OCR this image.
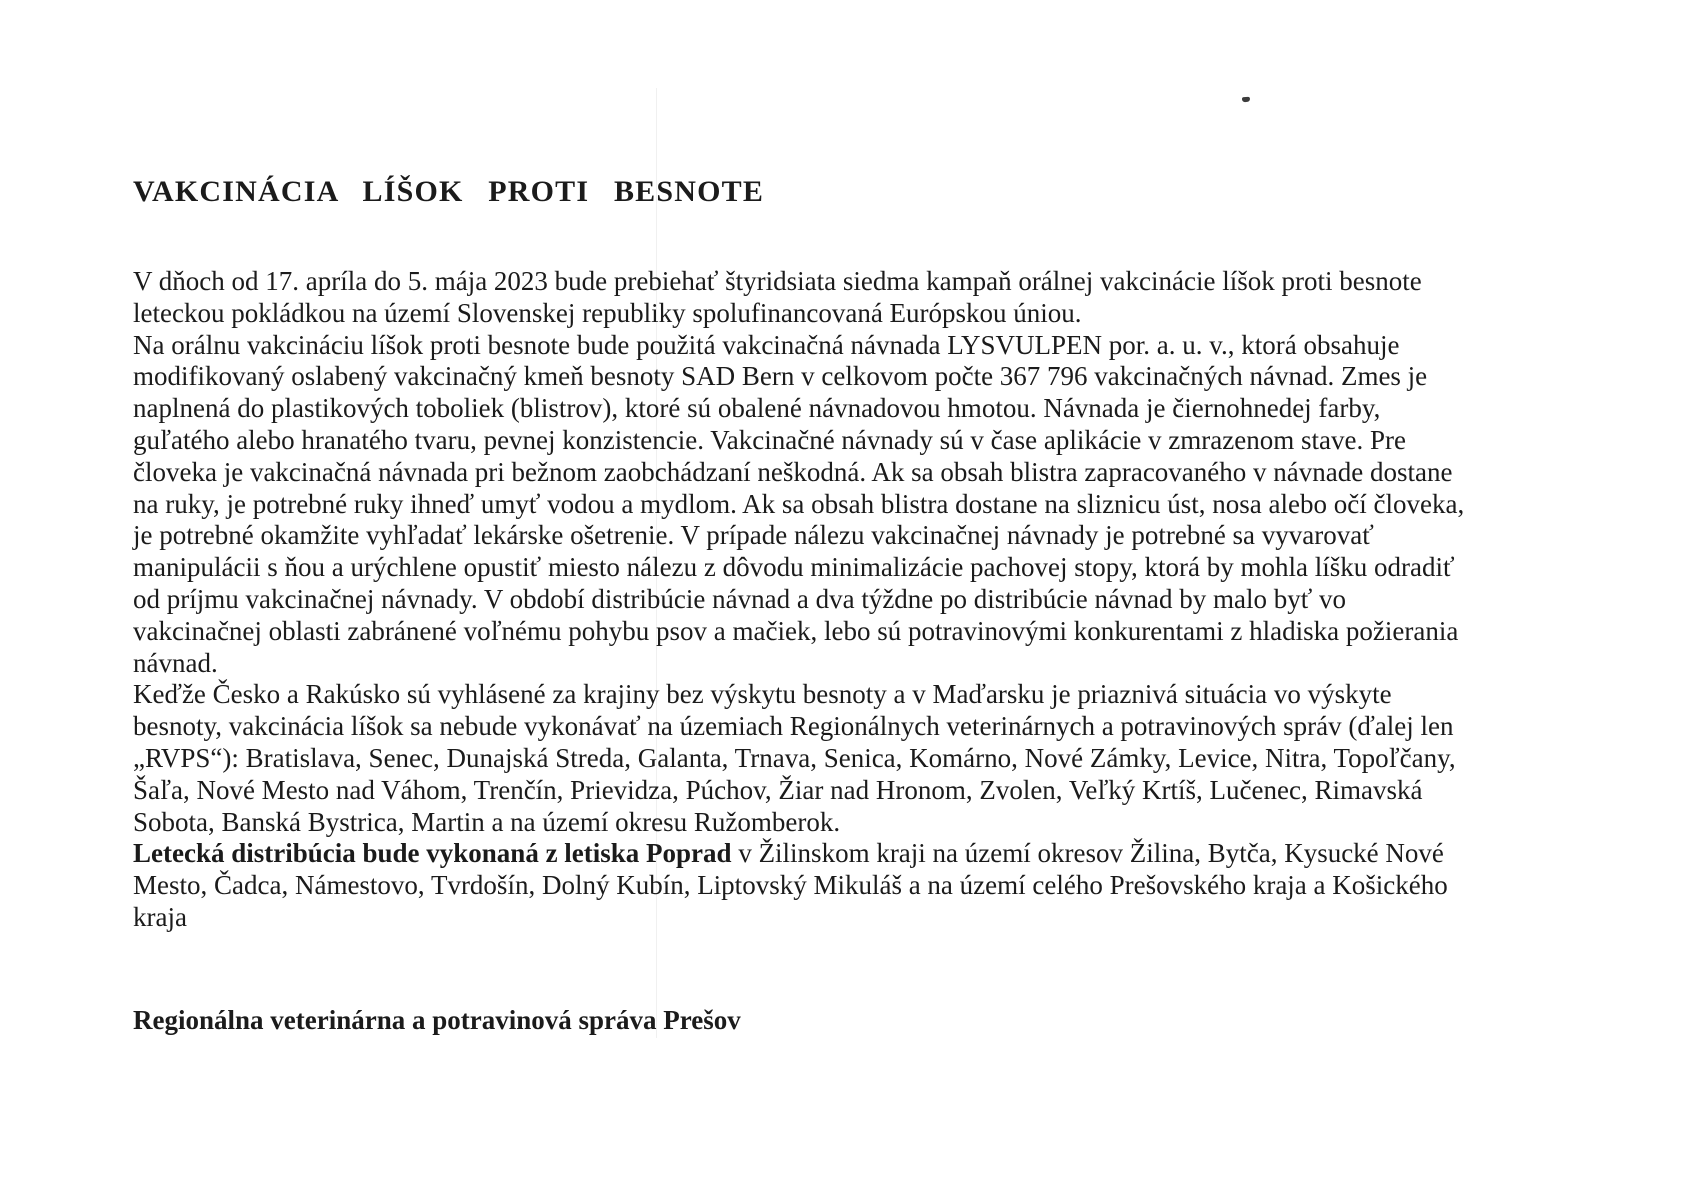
VAKCINÁCIA LÍŠOK PROTI BESNOTE
V dňoch od 17. apríla do 5. mája 2023 bude prebiehať štyridsiata siedma kampaň orálnej vakcinácie líšok proti besnote
leteckou pokládkou na území Slovenskej republiky spolufinancovaná Európskou úniou.
Na orálnu vakcináciu líšok proti besnote bude použitá vakcinačná návnada LYSVULPEN por. a. u. v., ktorá obsahuje
modifikovaný oslabený vakcinačný kmeň besnoty SAD Bern v celkovom počte 367 796 vakcinačných návnad. Zmes je
naplnená do plastikových toboliek (blistrov), ktoré sú obalené návnadovou hmotou. Návnada je čiernohnedej farby,
guľatého alebo hranatého tvaru, pevnej konzistencie. Vakcinačné návnady sú v čase aplikácie v zmrazenom stave. Pre
človeka je vakcinačná návnada pri bežnom zaobchádzaní neškodná. Ak sa obsah blistra zapracovaného v návnade dostane
na ruky, je potrebné ruky ihneď umyť vodou a mydlom. Ak sa obsah blistra dostane na sliznicu úst, nosa alebo očí človeka,
je potrebné okamžite vyhľadať lekárske ošetrenie. V prípade nálezu vakcinačnej návnady je potrebné sa vyvarovať
manipulácii s ňou a urýchlene opustiť miesto nálezu z dôvodu minimalizácie pachovej stopy, ktorá by mohla líšku odradiť
od príjmu vakcinačnej návnady. V období distribúcie návnad a dva týždne po distribúcie návnad by malo byť vo
vakcinačnej oblasti zabránené voľnému pohybu psov a mačiek, lebo sú potravinovými konkurentami z hladiska požierania
návnad.
Keďže Česko a Rakúsko sú vyhlásené za krajiny bez výskytu besnoty a v Maďarsku je priaznivá situácia vo výskyte
besnoty, vakcinácia líšok sa nebude vykonávať na územiach Regionálnych veterinárnych a potravinových správ (ďalej len
„RVPS“): Bratislava, Senec, Dunajská Streda, Galanta, Trnava, Senica, Komárno, Nové Zámky, Levice, Nitra, Topoľčany,
Šaľa, Nové Mesto nad Váhom, Trenčín, Prievidza, Púchov, Žiar nad Hronom, Zvolen, Veľký Krtíš, Lučenec, Rimavská
Sobota, Banská Bystrica, Martin a na území okresu Ružomberok.
Letecká distribúcia bude vykonaná z letiska Poprad v Žilinskom kraji na území okresov Žilina, Bytča, Kysucké Nové
Mesto, Čadca, Námestovo, Tvrdošín, Dolný Kubín, Liptovský Mikuláš a na území celého Prešovského kraja a Košického
kraja
Regionálna veterinárna a potravinová správa Prešov
